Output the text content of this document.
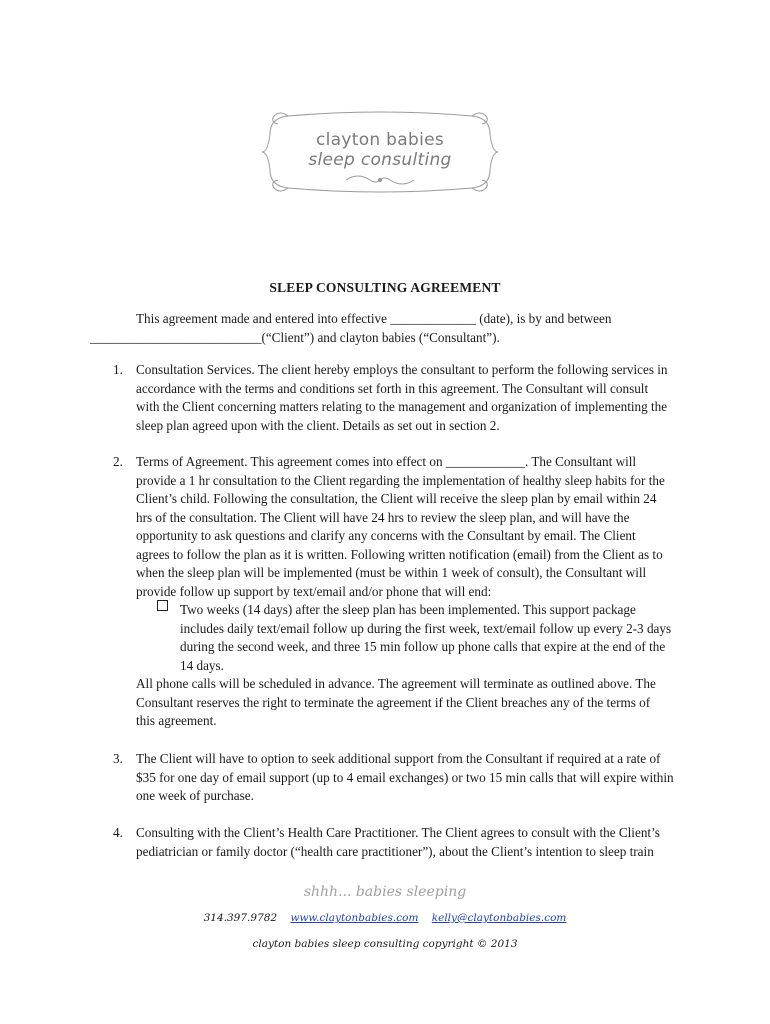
clayton babies
sleep consulting
SLEEP CONSULTING AGREEMENT
This agreement made and entered into effective _____________ (date), is by and between
__________________________(“Client”) and clayton babies (“Consultant”).
1. Consultation Services. The client hereby employs the consultant to perform the following services in
accordance with the terms and conditions set forth in this agreement. The Consultant will consult
with the Client concerning matters relating to the management and organization of implementing the
sleep plan agreed upon with the client. Details as set out in section 2.
2. Terms of Agreement. This agreement comes into effect on ____________. The Consultant will
provide a 1 hr consultation to the Client regarding the implementation of healthy sleep habits for the
Client’s child. Following the consultation, the Client will receive the sleep plan by email within 24
hrs of the consultation. The Client will have 24 hrs to review the sleep plan, and will have the
opportunity to ask questions and clarify any concerns with the Consultant by email. The Client
agrees to follow the plan as it is written. Following written notification (email) from the Client as to
when the sleep plan will be implemented (must be within 1 week of consult), the Consultant will
provide follow up support by text/email and/or phone that will end:
Two weeks (14 days) after the sleep plan has been implemented. This support package
includes daily text/email follow up during the first week, text/email follow up every 2-3 days
during the second week, and three 15 min follow up phone calls that expire at the end of the
14 days.
All phone calls will be scheduled in advance. The agreement will terminate as outlined above. The
Consultant reserves the right to terminate the agreement if the Client breaches any of the terms of
this agreement.
3. The Client will have to option to seek additional support from the Consultant if required at a rate of
$35 for one day of email support (up to 4 email exchanges) or two 15 min calls that will expire within
one week of purchase.
4. Consulting with the Client’s Health Care Practitioner. The Client agrees to consult with the Client’s
pediatrician or family doctor (“health care practitioner”), about the Client’s intention to sleep train
shhh... babies sleeping
314.397.9782 www.claytonbabies.com kelly@claytonbabies.com
clayton babies sleep consulting copyright © 2013
